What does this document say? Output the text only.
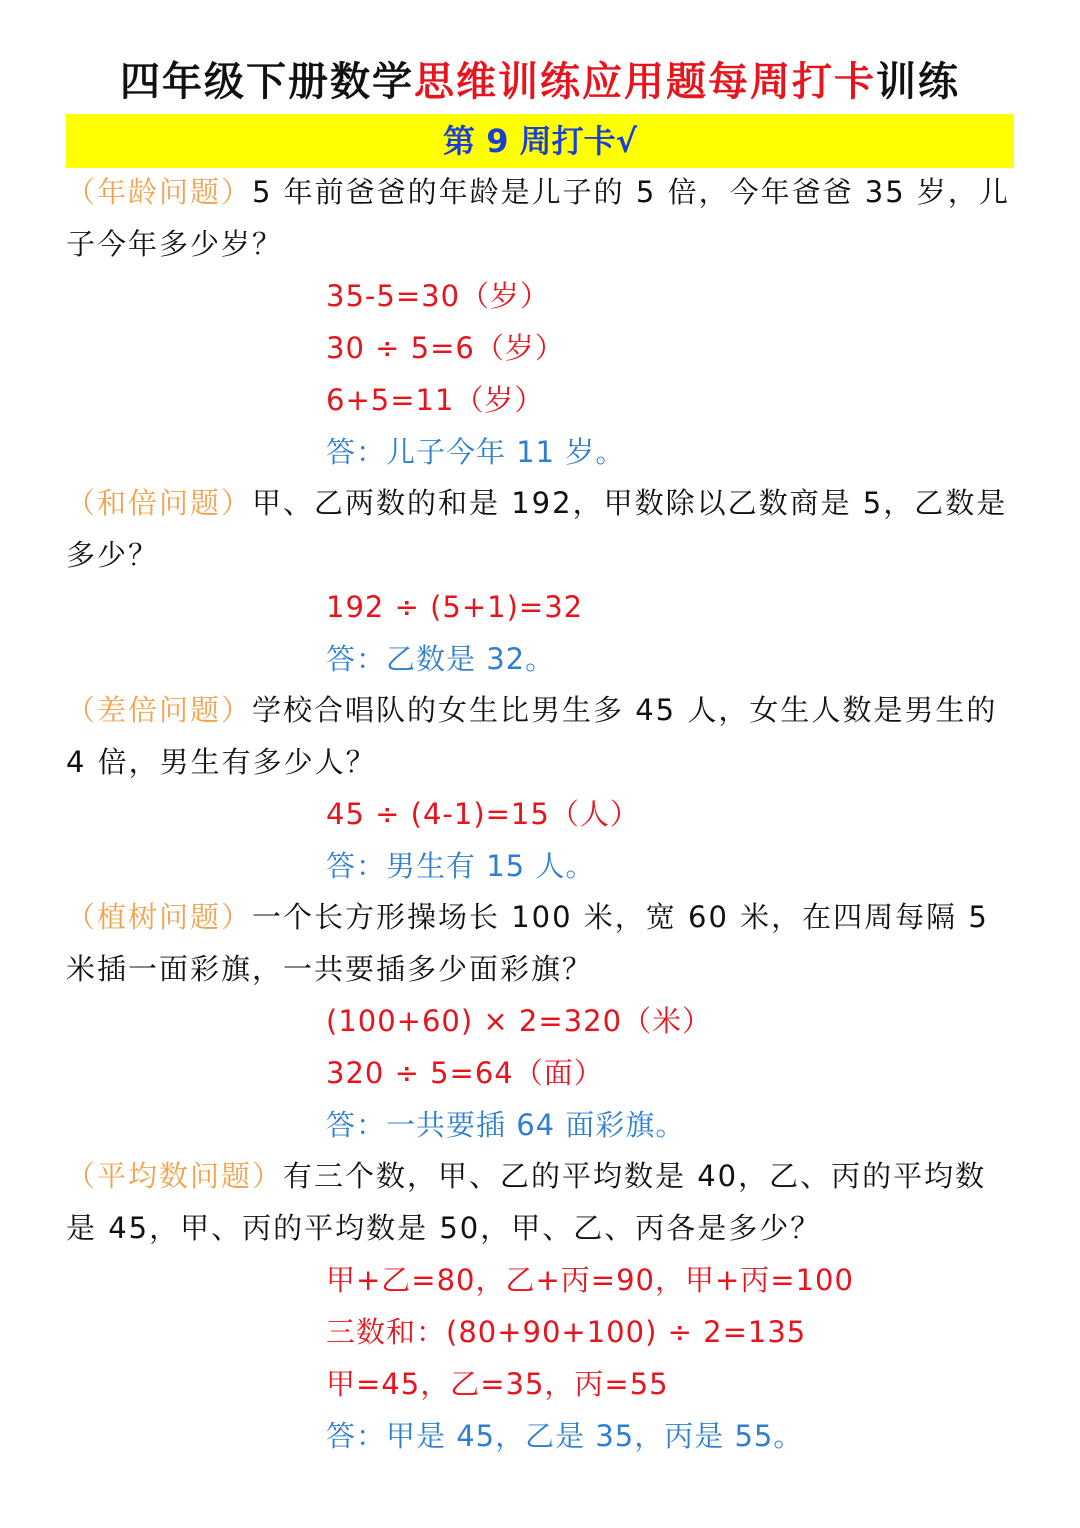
四年级下册数学思维训练应用题每周打卡训练
第 9 周打卡√
（年龄问题）5 年前爸爸的年龄是儿子的 5 倍，今年爸爸 35 岁，儿子今年多少岁？
35-5=30（岁）
30 ÷ 5=6（岁）
6+5=11（岁）
答：儿子今年 11 岁。
（和倍问题）甲、乙两数的和是 192，甲数除以乙数商是 5，乙数是多少？
192 ÷ (5+1)=32
答：乙数是 32。
（差倍问题）学校合唱队的女生比男生多 45 人，女生人数是男生的 4 倍，男生有多少人？
45 ÷ (4-1)=15（人）
答：男生有 15 人。
（植树问题）一个长方形操场长 100 米，宽 60 米，在四周每隔 5 米插一面彩旗，一共要插多少面彩旗？
(100+60) × 2=320（米）
320 ÷ 5=64（面）
答：一共要插 64 面彩旗。
（平均数问题）有三个数，甲、乙的平均数是 40，乙、丙的平均数是 45，甲、丙的平均数是 50，甲、乙、丙各是多少？
甲+乙=80，乙+丙=90，甲+丙=100
三数和：(80+90+100) ÷ 2=135
甲=45，乙=35，丙=55
答：甲是 45，乙是 35，丙是 55。
